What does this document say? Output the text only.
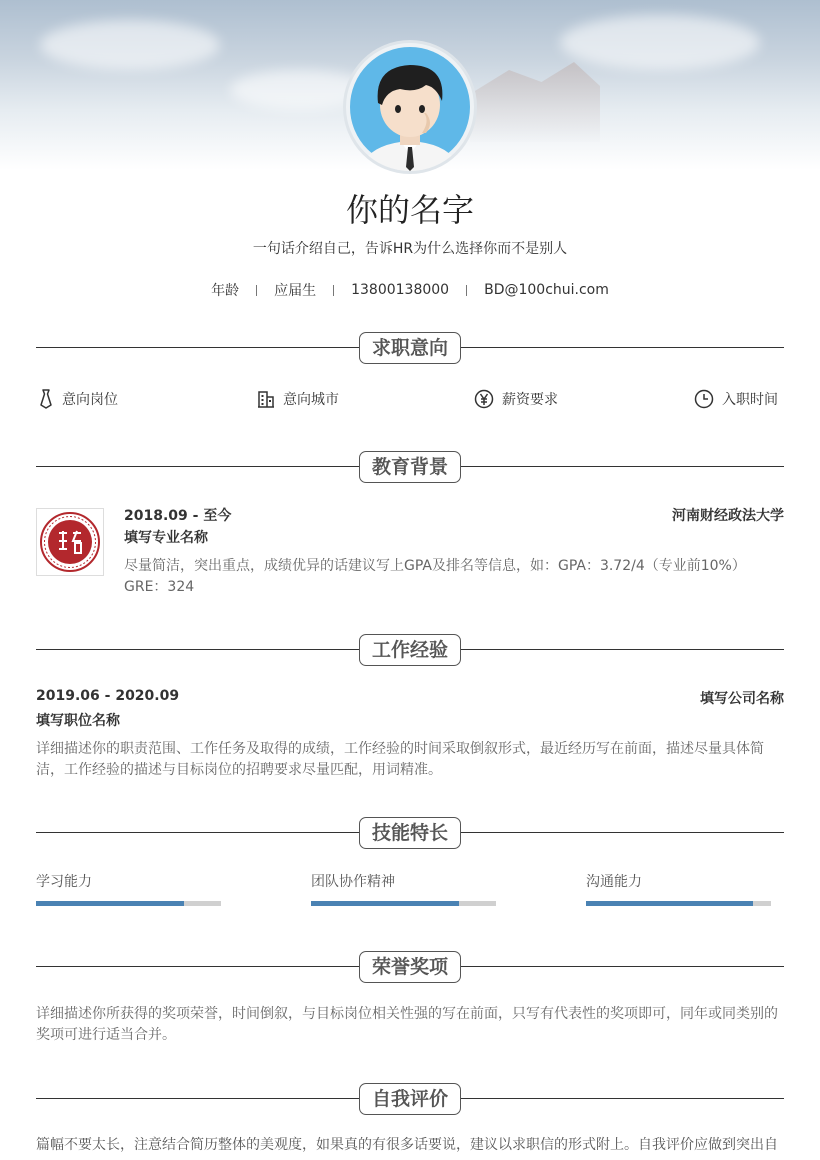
你的名字
一句话介绍自己，告诉HR为什么选择你而不是别人
年龄	应届生	13800138000	BD@100chui.com
求职意向
意向岗位	意向城市	薪资要求	入职时间
教育背景
2018.09 - 至今	河南财经政法大学
填写专业名称
尽量简洁，突出重点，成绩优异的话建议写上GPA及排名等信息，如：GPA：3.72/4（专业前10%） GRE：324
工作经验
2019.06 - 2020.09	填写公司名称
填写职位名称
详细描述你的职责范围、工作任务及取得的成绩，工作经验的时间采取倒叙形式，最近经历写在前面，描述尽量具体简洁，工作经验的描述与目标岗位的招聘要求尽量匹配，用词精准。
技能特长
学习能力	团队协作精神	沟通能力
荣誉奖项
详细描述你所获得的奖项荣誉，时间倒叙，与目标岗位相关性强的写在前面，只写有代表性的奖项即可，同年或同类别的奖项可进行适当合并。
自我评价
篇幅不要太长，注意结合简历整体的美观度，如果真的有很多话要说，建议以求职信的形式附上。自我评价应做到突出自
